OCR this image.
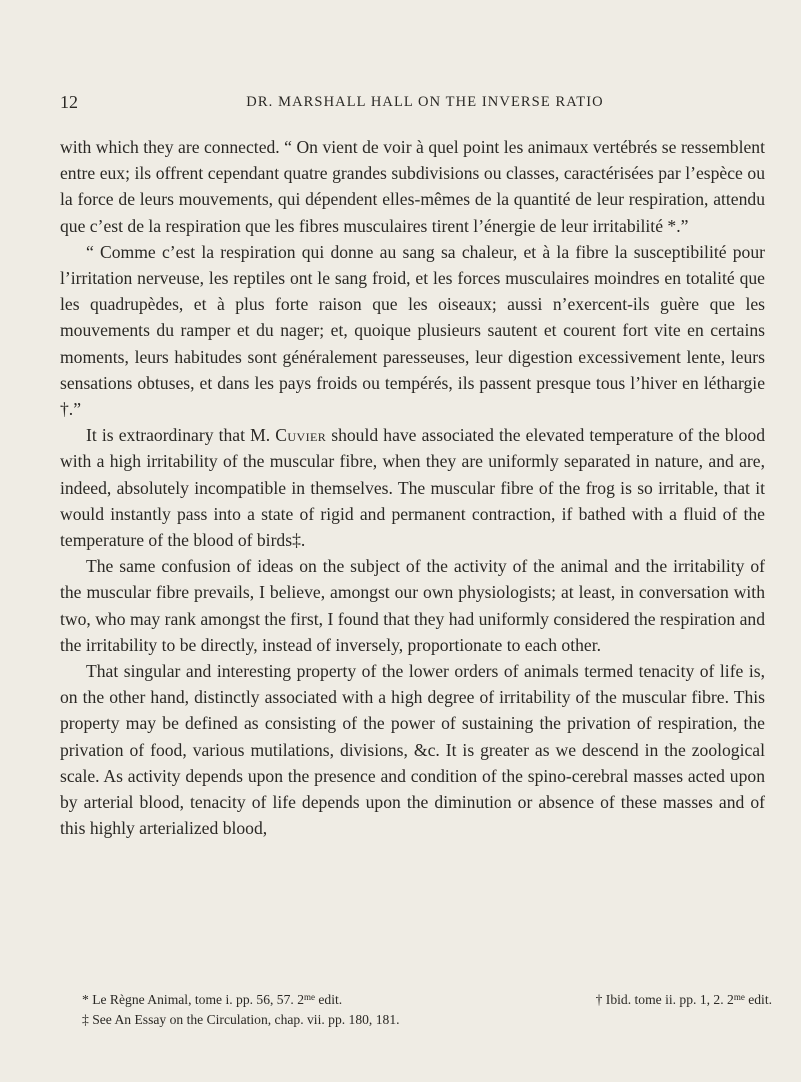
12	DR. MARSHALL HALL ON THE INVERSE RATIO

with which they are connected. “ On vient de voir à quel point les animaux vertébrés se ressemblent entre eux; ils offrent cependant quatre grandes subdivisions ou classes, caractérisées par l’espèce ou la force de leurs mouvements, qui dépendent elles-mêmes de la quantité de leur respiration, attendu que c’est de la respiration que les fibres musculaires tirent l’énergie de leur irritabilité *.”

“ Comme c’est la respiration qui donne au sang sa chaleur, et à la fibre la susceptibilité pour l’irritation nerveuse, les reptiles ont le sang froid, et les forces musculaires moindres en totalité que les quadrupèdes, et à plus forte raison que les oiseaux; aussi n’exercent-ils guère que les mouvements du ramper et du nager; et, quoique plusieurs sautent et courent fort vite en certains moments, leurs habitudes sont généralement paresseuses, leur digestion excessivement lente, leurs sensations obtuses, et dans les pays froids ou tempérés, ils passent presque tous l’hiver en léthargie †.”

It is extraordinary that M. Cuvier should have associated the elevated temperature of the blood with a high irritability of the muscular fibre, when they are uniformly separated in nature, and are, indeed, absolutely incompatible in themselves. The muscular fibre of the frog is so irritable, that it would instantly pass into a state of rigid and permanent contraction, if bathed with a fluid of the temperature of the blood of birds‡.

The same confusion of ideas on the subject of the activity of the animal and the irritability of the muscular fibre prevails, I believe, amongst our own physiologists; at least, in conversation with two, who may rank amongst the first, I found that they had uniformly considered the respiration and the irritability to be directly, instead of inversely, proportionate to each other.

That singular and interesting property of the lower orders of animals termed tenacity of life is, on the other hand, distinctly associated with a high degree of irritability of the muscular fibre. This property may be defined as consisting of the power of sustaining the privation of respiration, the privation of food, various mutilations, divisions, &c. It is greater as we descend in the zoological scale. As activity depends upon the presence and condition of the spino-cerebral masses acted upon by arterial blood, tenacity of life depends upon the diminution or absence of these masses and of this highly arterialized blood,

* Le Règne Animal, tome i. pp. 56, 57. $2^{me}$ edit.	† Ibid. tome ii. pp. 1, 2. $2^{me}$ edit.
‡ See An Essay on the Circulation, chap. vii. pp. 180, 181.
